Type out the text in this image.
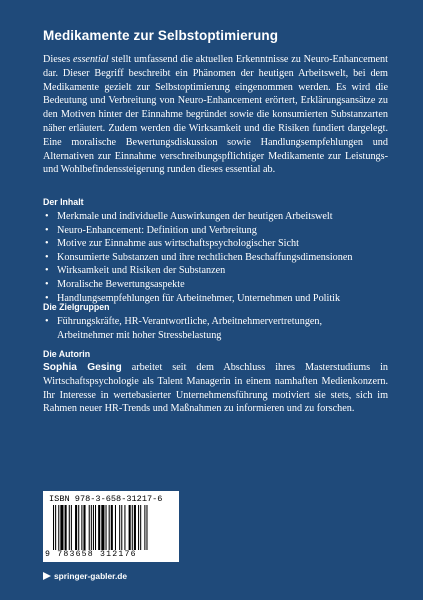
Medikamente zur Selbstoptimierung

Dieses essential stellt umfassend die aktuellen Erkenntnisse zu Neuro-Enhancement dar. Dieser Begriff beschreibt ein Phänomen der heutigen Arbeitswelt, bei dem Medikamente gezielt zur Selbstoptimierung eingenommen werden. Es wird die Bedeutung und Verbreitung von Neuro-Enhancement erörtert, Erklärungsansätze zu den Motiven hinter der Einnahme begründet sowie die konsumierten Substanzarten näher erläutert. Zudem werden die Wirksamkeit und die Risiken fundiert dargelegt. Eine moralische Bewertungsdiskussion sowie Handlungsempfehlungen und Alternativen zur Einnahme verschreibungspflichtiger Medikamente zur Leistungs- und Wohlbefindenssteigerung runden dieses essential ab.

Der Inhalt
• Merkmale und individuelle Auswirkungen der heutigen Arbeitswelt
• Neuro-Enhancement: Definition und Verbreitung
• Motive zur Einnahme aus wirtschaftspsychologischer Sicht
• Konsumierte Substanzen und ihre rechtlichen Beschaffungsdimensionen
• Wirksamkeit und Risiken der Substanzen
• Moralische Bewertungsaspekte
• Handlungsempfehlungen für Arbeitnehmer, Unternehmen und Politik
Die Zielgruppen
• Führungskräfte, HR-Verantwortliche, Arbeitnehmervertretungen, Arbeitnehmer mit hoher Stressbelastung
Die Autorin

Sophia Gesing arbeitet seit dem Abschluss ihres Masterstudiums in Wirtschaftspsychologie als Talent Managerin in einem namhaften Medienkonzern. Ihr Interesse in wertebasierter Unternehmensführung motiviert sie stets, sich im Rahmen neuer HR-Trends und Maßnahmen zu informieren und zu forschen.

ISBN 978-3-658-31217-6
9 783658 312176
springer-gabler.de
